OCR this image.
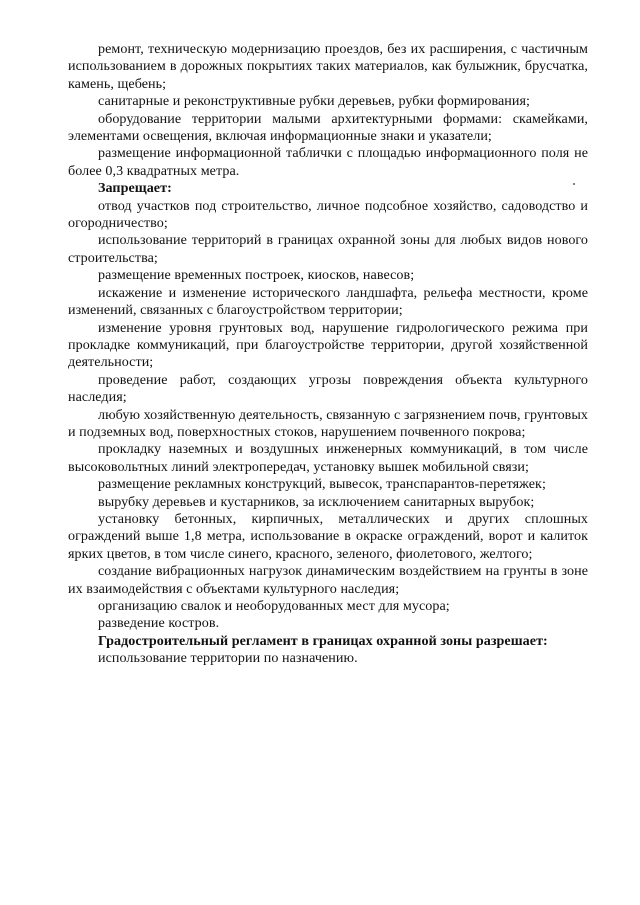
ремонт, техническую модернизацию проездов, без их расширения, с частичным использованием в дорожных покрытиях таких материалов, как булыжник, брусчатка, камень, щебень;

санитарные и реконструктивные рубки деревьев, рубки формирования;

оборудование территории малыми архитектурными формами: скамейками, элементами освещения, включая информационные знаки и указатели;

размещение информационной таблички с площадью информационного поля не более 0,3 квадратных метра.

Запрещает:

отвод участков под строительство, личное подсобное хозяйство, садоводство и огородничество;

использование территорий в границах охранной зоны для любых видов нового строительства;

размещение временных построек, киосков, навесов;

искажение и изменение исторического ландшафта, рельефа местности, кроме изменений, связанных с благоустройством территории;

изменение уровня грунтовых вод, нарушение гидрологического режима при прокладке коммуникаций, при благоустройстве территории, другой хозяйственной деятельности;

проведение работ, создающих угрозы повреждения объекта культурного наследия;

любую хозяйственную деятельность, связанную с загрязнением почв, грунтовых и подземных вод, поверхностных стоков, нарушением почвенного покрова;

прокладку наземных и воздушных инженерных коммуникаций, в том числе высоковольтных линий электропередач, установку вышек мобильной связи;

размещение рекламных конструкций, вывесок, транспарантов-перетяжек;

вырубку деревьев и кустарников, за исключением санитарных вырубок;

установку бетонных, кирпичных, металлических и других сплошных ограждений выше 1,8 метра, использование в окраске ограждений, ворот и калиток ярких цветов, в том числе синего, красного, зеленого, фиолетового, желтого;

создание вибрационных нагрузок динамическим воздействием на грунты в зоне их взаимодействия с объектами культурного наследия;

организацию свалок и необорудованных мест для мусора;

разведение костров.

Градостроительный регламент в границах охранной зоны разрешает:

использование территории по назначению.
